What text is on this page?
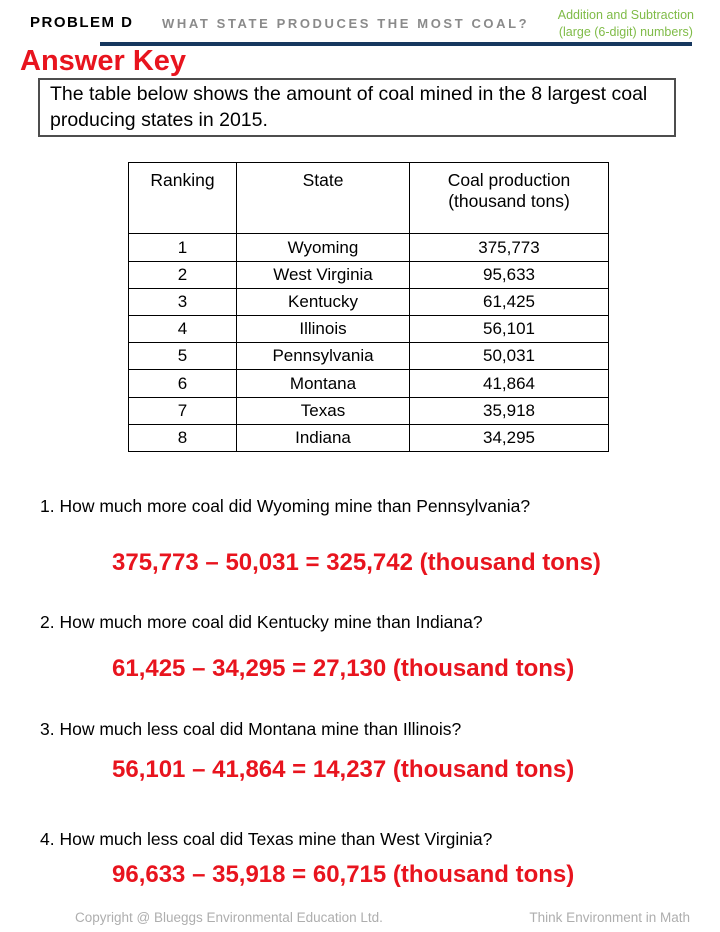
PROBLEM D WHAT STATE PRODUCES THE MOST COAL?
Addition and Subtraction
(large (6-digit) numbers)
Answer Key
The table below shows the amount of coal mined in the 8 largest coal producing states in 2015.
Ranking	State	Coal production (thousand tons)
1	Wyoming	375,773
2	West Virginia	95,633
3	Kentucky	61,425
4	Illinois	56,101
5	Pennsylvania	50,031
6	Montana	41,864
7	Texas	35,918
8	Indiana	34,295
1. How much more coal did Wyoming mine than Pennsylvania?
375,773 – 50,031 = 325,742 (thousand tons)
2. How much more coal did Kentucky mine than Indiana?
61,425 – 34,295 = 27,130 (thousand tons)
3. How much less coal did Montana mine than Illinois?
56,101 – 41,864 = 14,237 (thousand tons)
4. How much less coal did Texas mine than West Virginia?
96,633 – 35,918 = 60,715 (thousand tons)
Copyright @ Blueggs Environmental Education Ltd.	Think Environment in Math
